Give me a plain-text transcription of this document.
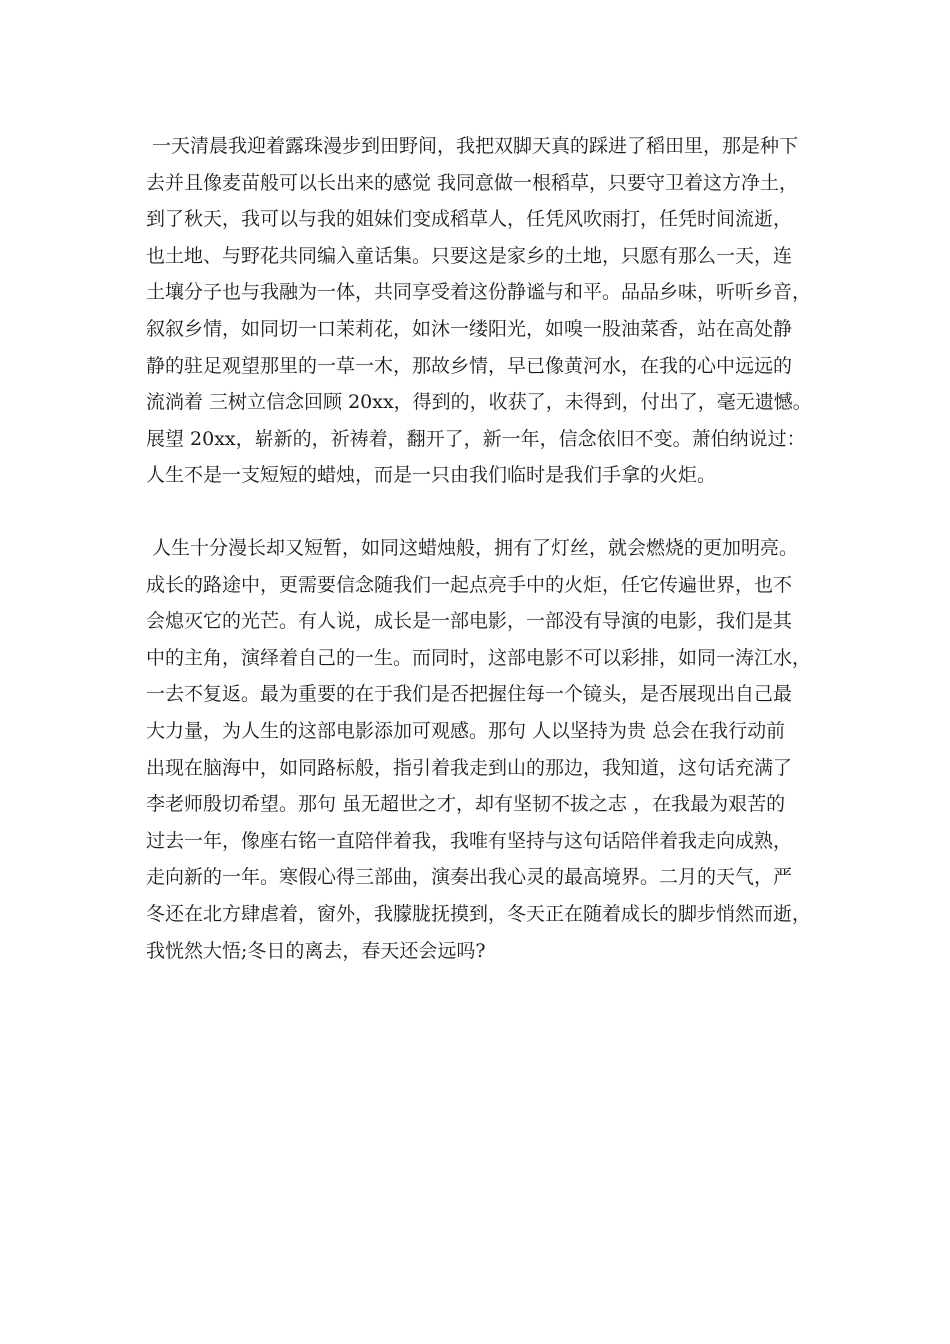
一天清晨我迎着露珠漫步到田野间，我把双脚天真的踩进了稻田里，那是种下
去并且像麦苗般可以长出来的感觉 我同意做一根稻草，只要守卫着这方净土，
到了秋天，我可以与我的姐妹们变成稻草人，任凭风吹雨打，任凭时间流逝，
也土地、与野花共同编入童话集。只要这是家乡的土地，只愿有那么一天，连
土壤分子也与我融为一体，共同享受着这份静谧与和平。品品乡味，听听乡音，
叙叙乡情，如同切一口茉莉花，如沐一缕阳光，如嗅一股油菜香，站在高处静
静的驻足观望那里的一草一木，那故乡情，早已像黄河水，在我的心中远远的
流淌着 三树立信念回顾 20xx，得到的，收获了，未得到，付出了，毫无遗憾。
展望 20xx，崭新的，祈祷着，翻开了，新一年，信念依旧不变。萧伯纳说过：
人生不是一支短短的蜡烛，而是一只由我们临时是我们手拿的火炬。
人生十分漫长却又短暂，如同这蜡烛般，拥有了灯丝，就会燃烧的更加明亮。
成长的路途中，更需要信念随我们一起点亮手中的火炬，任它传遍世界，也不
会熄灭它的光芒。有人说，成长是一部电影，一部没有导演的电影，我们是其
中的主角，演绎着自己的一生。而同时，这部电影不可以彩排，如同一涛江水，
一去不复返。最为重要的在于我们是否把握住每一个镜头，是否展现出自己最
大力量，为人生的这部电影添加可观感。那句 人以坚持为贵 总会在我行动前
出现在脑海中，如同路标般，指引着我走到山的那边，我知道，这句话充满了
李老师殷切希望。那句 虽无超世之才，却有坚韧不拔之志 ，在我最为艰苦的
过去一年，像座右铭一直陪伴着我，我唯有坚持与这句话陪伴着我走向成熟，
走向新的一年。寒假心得三部曲，演奏出我心灵的最高境界。二月的天气，严
冬还在北方肆虐着，窗外，我朦胧抚摸到，冬天正在随着成长的脚步悄然而逝，
我恍然大悟;冬日的离去，春天还会远吗?
